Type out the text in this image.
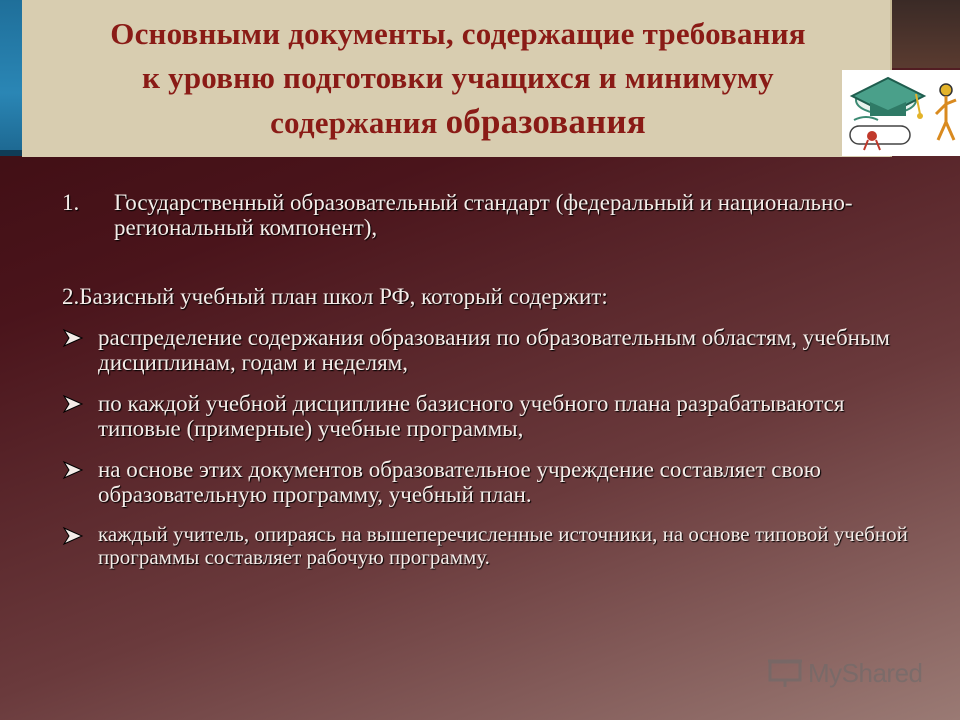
Основными документы, содержащие требования
к уровню подготовки учащихся и минимуму
содержания образования
1.	Государственный образовательный стандарт (федеральный и национально-региональный компонент),
2.Базисный учебный план школ РФ, который содержит:
распределение содержания образования по образовательным областям, учебным дисциплинам, годам и неделям,
по каждой учебной дисциплине базисного учебного плана разрабатываются типовые (примерные) учебные программы,
на основе этих документов образовательное учреждение составляет свою образовательную программу, учебный план.
каждый учитель, опираясь на вышеперечисленные источники, на основе типовой учебной программы составляет рабочую программу.
MyShared
